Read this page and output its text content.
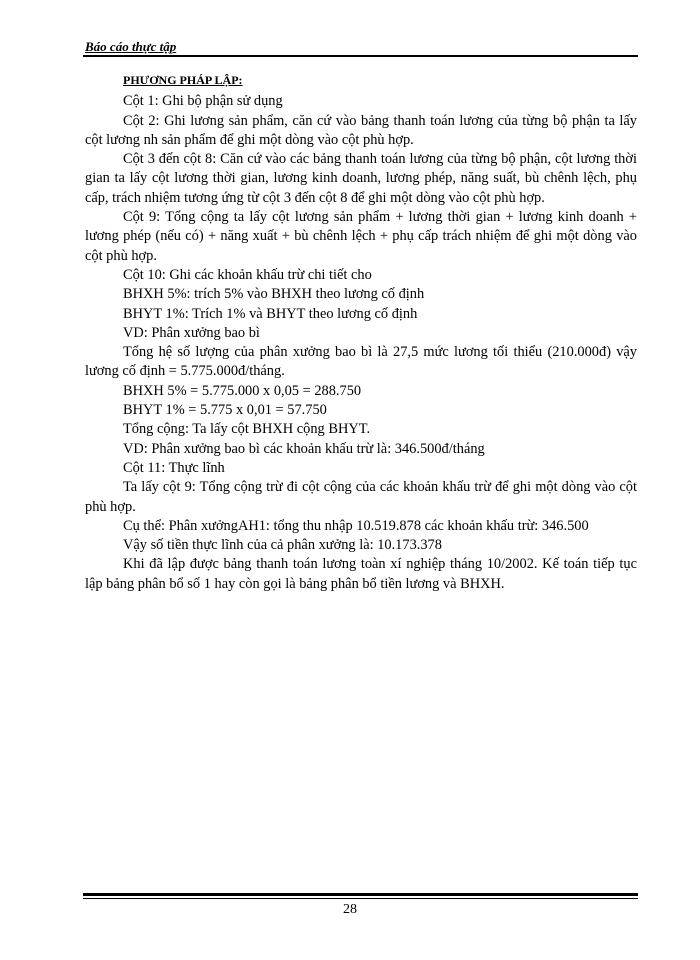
Báo cáo thực tập

PHƯƠNG PHÁP LẬP:

Cột 1: Ghi bộ phận sử dụng

Cột 2: Ghi lương sản phẩm, căn cứ vào bảng thanh toán lương của từng bộ phận ta lấy cột lương nh sản phẩm để ghi một dòng vào cột phù hợp.

Cột 3 đến cột 8: Căn cứ vào các bảng thanh toán lương của từng bộ phận, cột lương thời gian ta lấy cột lương thời gian, lương kinh doanh, lương phép, năng suất, bù chênh lệch, phụ cấp, trách nhiệm tương ứng từ cột 3 đến cột 8 để ghi một dòng vào cột phù hợp.

Cột 9: Tổng cộng ta lấy cột lương sản phẩm + lương thời gian + lương kinh doanh + lương phép (nếu có) + năng xuất + bù chênh lệch + phụ cấp trách nhiệm để ghi một dòng vào cột phù hợp.

Cột 10: Ghi các khoản khấu trừ chi tiết cho

BHXH 5%: trích 5% vào BHXH theo lương cố định

BHYT 1%: Trích 1% và BHYT theo lương cố định

VD: Phân xưởng bao bì

Tổng hệ số lượng của phân xưởng bao bì là 27,5 mức lương tối thiểu (210.000đ) vậy lương cố định = 5.775.000đ/tháng.

BHXH 5% = 5.775.000 x 0,05 = 288.750

BHYT 1% = 5.775 x 0,01 = 57.750

Tổng cộng: Ta lấy cột BHXH cộng BHYT.

VD: Phân xưởng bao bì các khoản khấu trừ là: 346.500đ/tháng

Cột 11: Thực lĩnh

Ta lấy cột 9: Tổng cộng trừ đi cột cộng của các khoản khấu trừ để ghi một dòng vào cột phù hợp.

Cụ thể: Phân xưởngAH1: tổng thu nhập 10.519.878 các khoản khấu trừ: 346.500

Vậy số tiền thực lĩnh của cả phân xưởng là: 10.173.378

Khi đã lập được bảng thanh toán lương toàn xí nghiệp tháng 10/2002. Kế toán tiếp tục lập bảng phân bổ số 1 hay còn gọi là bảng phân bổ tiền lương và BHXH.

28
